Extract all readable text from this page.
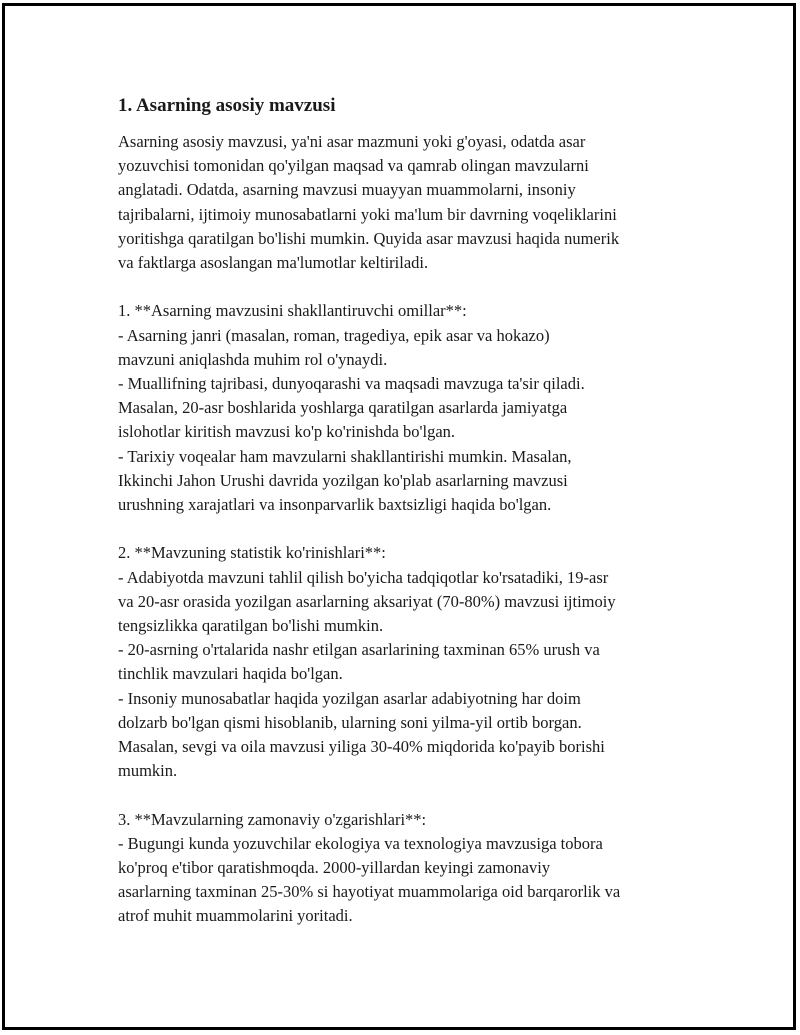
1. Asarning asosiy mavzusi

Asarning asosiy mavzusi, ya'ni asar mazmuni yoki g'oyasi, odatda asar
yozuvchisi tomonidan qo'yilgan maqsad va qamrab olingan mavzularni
anglatadi. Odatda, asarning mavzusi muayyan muammolarni, insoniy
tajribalarni, ijtimoiy munosabatlarni yoki ma'lum bir davrning voqeliklarini
yoritishga qaratilgan bo'lishi mumkin. Quyida asar mavzusi haqida numerik
va faktlarga asoslangan ma'lumotlar keltiriladi.

1. **Asarning mavzusini shakllantiruvchi omillar**:

- Asarning janri (masalan, roman, tragediya, epik asar va hokazo)
mavzuni aniqlashda muhim rol o'ynaydi.
- Muallifning tajribasi, dunyoqarashi va maqsadi mavzuga ta'sir qiladi.
Masalan, 20-asr boshlarida yoshlarga qaratilgan asarlarda jamiyatga
islohotlar kiritish mavzusi ko'p ko'rinishda bo'lgan.
- Tarixiy voqealar ham mavzularni shakllantirishi mumkin. Masalan,
Ikkinchi Jahon Urushi davrida yozilgan ko'plab asarlarning mavzusi
urushning xarajatlari va insonparvarlik baxtsizligi haqida bo'lgan.

2. **Mavzuning statistik ko'rinishlari**:

- Adabiyotda mavzuni tahlil qilish bo'yicha tadqiqotlar ko'rsatadiki, 19-asr
va 20-asr orasida yozilgan asarlarning aksariyat (70-80%) mavzusi ijtimoiy
tengsizlikka qaratilgan bo'lishi mumkin.
- 20-asrning o'rtalarida nashr etilgan asarlarining taxminan 65% urush va
tinchlik mavzulari haqida bo'lgan.
- Insoniy munosabatlar haqida yozilgan asarlar adabiyotning har doim
dolzarb bo'lgan qismi hisoblanib, ularning soni yilma-yil ortib borgan.
Masalan, sevgi va oila mavzusi yiliga 30-40% miqdorida ko'payib borishi
mumkin.

3. **Mavzularning zamonaviy o'zgarishlari**:

- Bugungi kunda yozuvchilar ekologiya va texnologiya mavzusiga tobora
ko'proq e'tibor qaratishmoqda. 2000-yillardan keyingi zamonaviy
asarlarning taxminan 25-30% si hayotiyat muammolariga oid barqarorlik va
atrof muhit muammolarini yoritadi.
